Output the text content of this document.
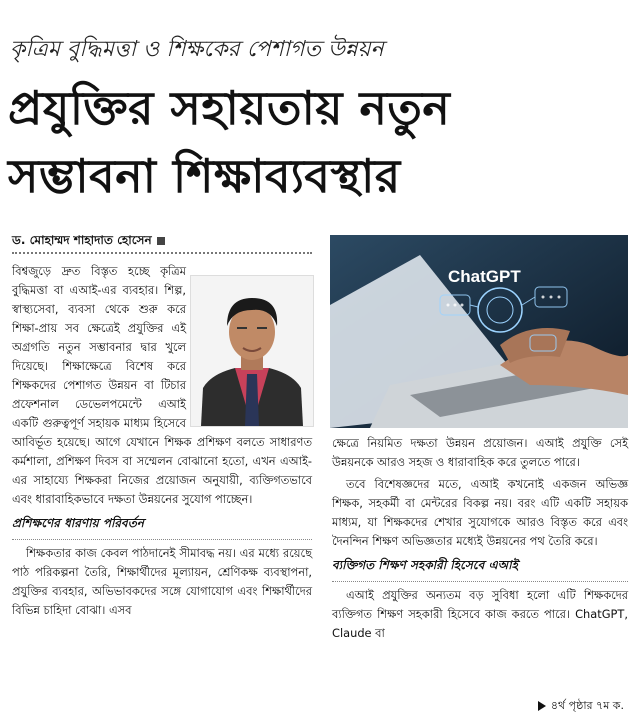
কৃত্রিম বুদ্ধিমত্তা ও শিক্ষকের পেশাগত উন্নয়ন
প্রযুক্তির সহায়তায় নতুন
সম্ভাবনা শিক্ষাব্যবস্থার
ড. মোহাম্মদ শাহাদাত হোসেন
ChatGPT

বিশ্বজুড়ে দ্রুত বিস্তৃত হচ্ছে কৃত্রিম বুদ্ধিমত্তা বা এআই-এর ব্যবহার। শিল্প, স্বাস্থ্যসেবা, ব্যবসা থেকে শুরু করে শিক্ষা-প্রায় সব ক্ষেত্রেই প্রযুক্তির এই অগ্রগতি নতুন সম্ভাবনার দ্বার খুলে দিয়েছে। শিক্ষাক্ষেত্রে বিশেষ করে শিক্ষকদের পেশাগত উন্নয়ন বা টিচার প্রফেশনাল ডেভেলপমেন্টে এআই একটি গুরুত্বপূর্ণ সহায়ক মাধ্যম হিসেবে আবির্ভূত হয়েছে। আগে যেখানে শিক্ষক প্রশিক্ষণ বলতে সাধারণত কর্মশালা, প্রশিক্ষণ দিবস বা সম্মেলন বোঝানো হতো, এখন এআই-এর সাহায্যে শিক্ষকরা নিজের প্রয়োজন অনুযায়ী, ব্যক্তিগতভাবে এবং ধারাবাহিকভাবে দক্ষতা উন্নয়নের সুযোগ পাচ্ছেন।

প্রশিক্ষণের ধারণায় পরিবর্তন

শিক্ষকতার কাজ কেবল পাঠদানেই সীমাবদ্ধ নয়। এর মধ্যে রয়েছে পাঠ পরিকল্পনা তৈরি, শিক্ষার্থীদের মূল্যায়ন, শ্রেণিকক্ষ ব্যবস্থাপনা, প্রযুক্তির ব্যবহার, অভিভাবকদের সঙ্গে যোগাযোগ এবং শিক্ষার্থীদের বিভিন্ন চাহিদা বোঝা। এসব

ক্ষেত্রে নিয়মিত দক্ষতা উন্নয়ন প্রয়োজন। এআই প্রযুক্তি সেই উন্নয়নকে আরও সহজ ও ধারাবাহিক করে তুলতে পারে।

তবে বিশেষজ্ঞদের মতে, এআই কখনোই একজন অভিজ্ঞ শিক্ষক, সহকর্মী বা মেন্টরের বিকল্প নয়। বরং এটি একটি সহায়ক মাধ্যম, যা শিক্ষকদের শেখার সুযোগকে আরও বিস্তৃত করে এবং দৈনন্দিন শিক্ষণ অভিজ্ঞতার মধ্যেই উন্নয়নের পথ তৈরি করে।

ব্যক্তিগত শিক্ষণ সহকারী হিসেবে এআই

এআই প্রযুক্তির অন্যতম বড় সুবিধা হলো এটি শিক্ষকদের ব্যক্তিগত শিক্ষণ সহকারী হিসেবে কাজ করতে পারে। ChatGPT, Claude বা

৪র্থ পৃষ্ঠার ৭ম ক.
